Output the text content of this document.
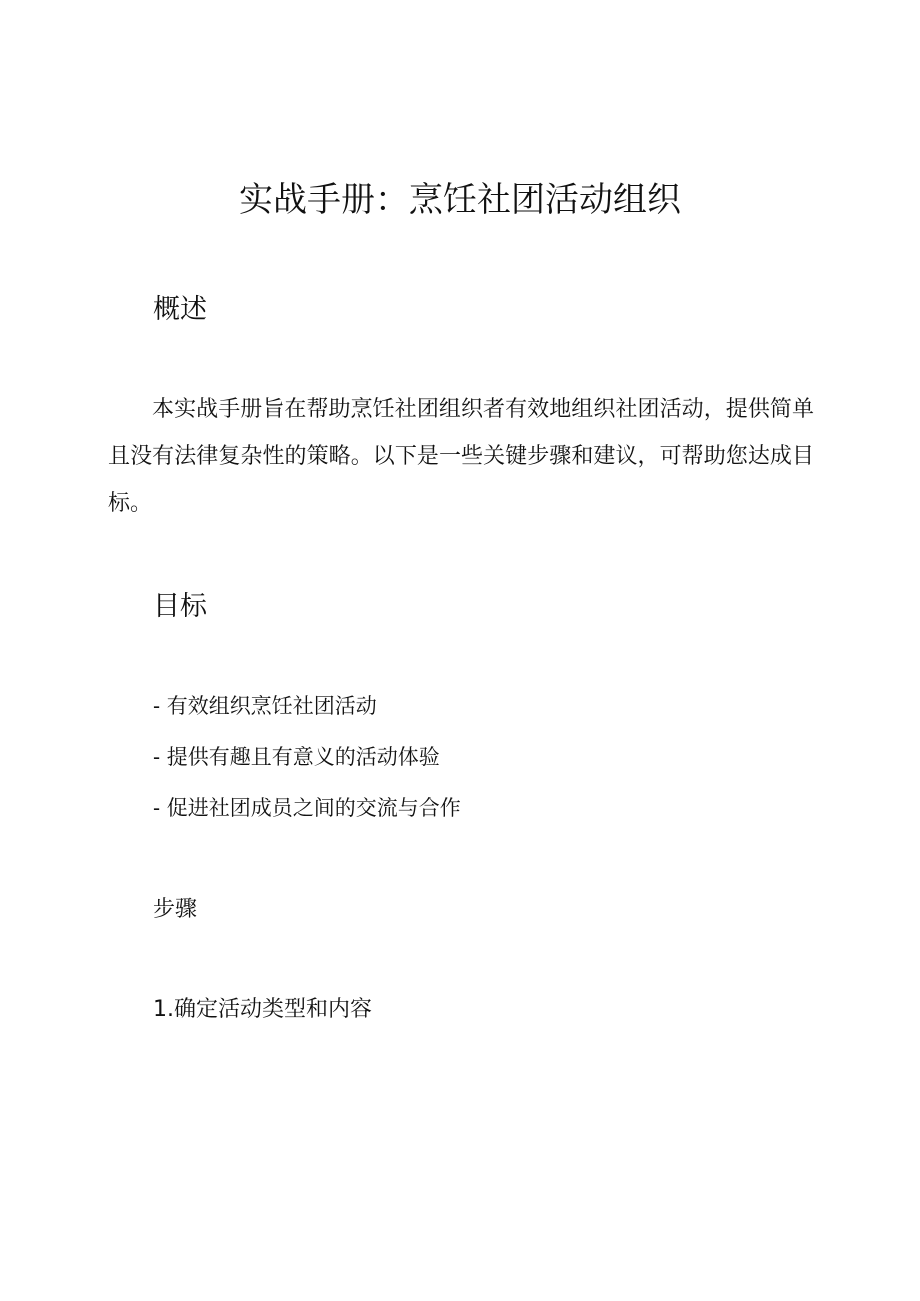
实战手册：烹饪社团活动组织
概述

本实战手册旨在帮助烹饪社团组织者有效地组织社团活动，提供简单且没有法律复杂性的策略。以下是一些关键步骤和建议，可帮助您达成目标。

目标
- 有效组织烹饪社团活动
- 提供有趣且有意义的活动体验
- 促进社团成员之间的交流与合作
步骤
1.确定活动类型和内容
